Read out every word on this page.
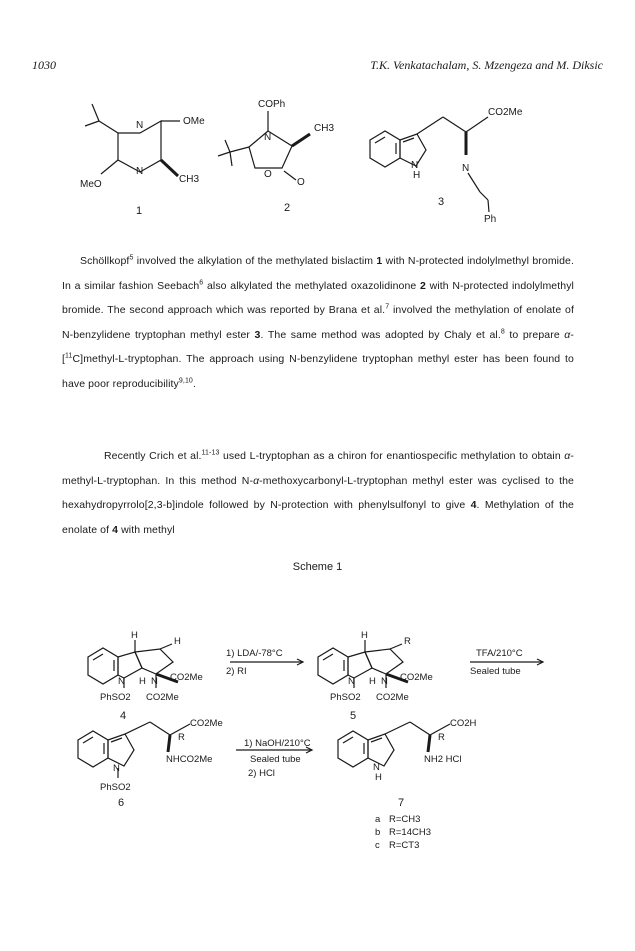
1030	T.K. Venkatachalam, S. Mzengeza and M. Diksic
OMe
MeO	CH3
N
N
1
COPh
CH3
N
O
O
2
CO2Me
N
H
N
Ph
3
Schöllkopf$^5$ involved the alkylation of the methylated bislactim 1 with N-protected indolylmethyl bromide. In a similar fashion Seebach$^6$ also alkylated the methylated oxazolidinone 2 with N-protected indolylmethyl bromide. The second approach which was reported by Brana et al.$^7$ involved the methylation of enolate of N-benzylidene tryptophan methyl ester 3. The same method was adopted by Chaly et al.$^8$ to prepare α-[$^{11}$C]methyl-L-tryptophan. The approach using N-benzylidene tryptophan methyl ester has been found to have poor reproducibility$^{9,10}$.
Recently Crich et al.$^{11-13}$ used L-tryptophan as a chiron for enantiospecific methylation to obtain α-methyl-L-tryptophan. In this method N-α-methoxycarbonyl-L-tryptophan methyl ester was cyclised to the hexahydropyrrolo[2,3-b]indole followed by N-protection with phenylsulfonyl to give 4. Methylation of the enolate of 4 with methyl
Scheme 1
H
N H N
H
CO2Me
PhSO2 CO2Me
4
1) LDA/-78°C
2) RI
H
N H N
R
CO2Me
PhSO2 CO2Me
5
TFA/210°C
Sealed tube
CO2Me
R
N
NHCO2Me
PhSO2
6
1) NaOH/210°C
Sealed tube
2) HCl
CO2H
R
N
H
NH2 HCl
7
a R=CH3
b R=14CH3
c R=CT3
